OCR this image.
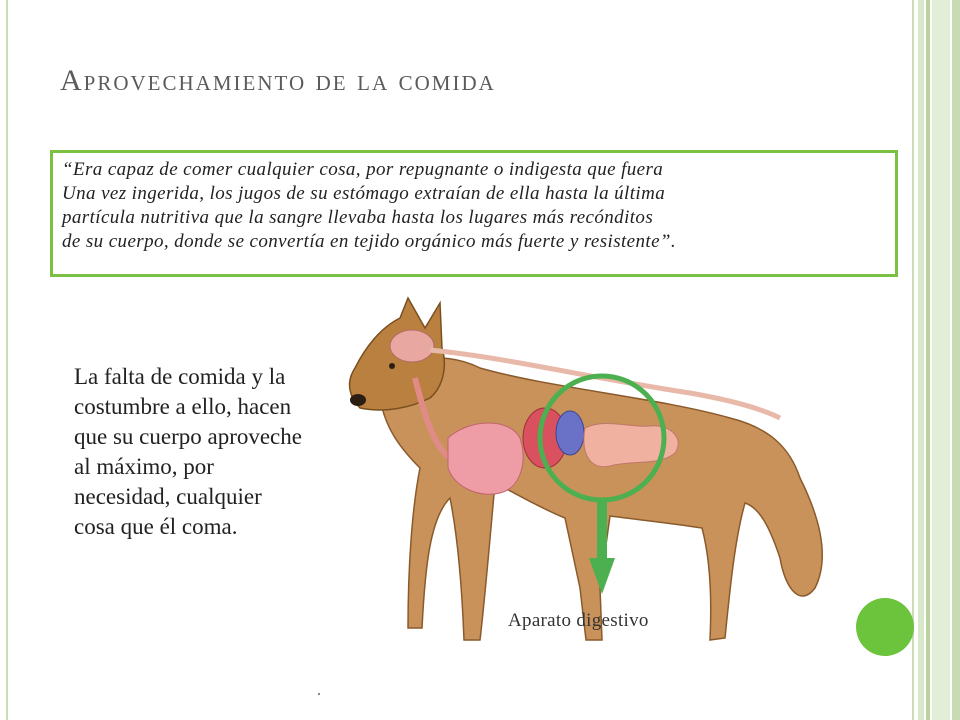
Aprovechamiento de la comida
“Era capaz de comer cualquier cosa, por repugnante o indigesta que fuera
Una vez ingerida, los jugos de su estómago extraían de ella hasta la última
partícula nutritiva que la sangre llevaba hasta los lugares más recónditos
de su cuerpo, donde se convertía en tejido orgánico más fuerte y resistente”.
La falta de comida y la costumbre a ello, hacen que su cuerpo aproveche al máximo, por necesidad, cualquier cosa que él coma.
Aparato digestivo
